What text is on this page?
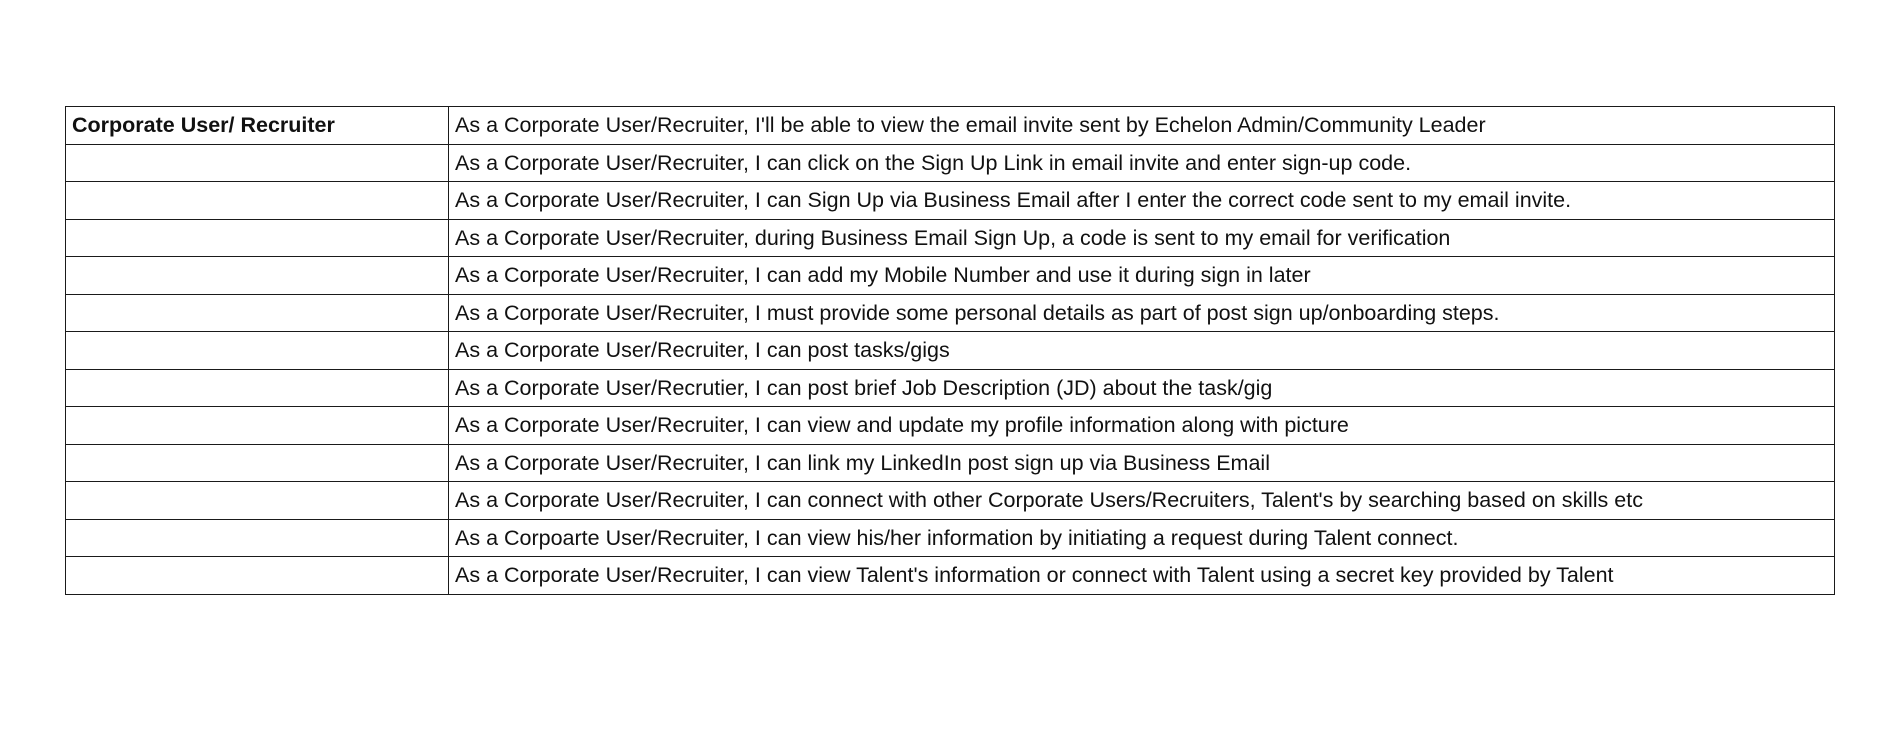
Corporate User/ Recruiter	As a Corporate User/Recruiter, I'll be able to view the email invite sent by Echelon Admin/Community Leader
	As a Corporate User/Recruiter, I can click on the Sign Up Link in email invite and enter sign-up code.
	As a Corporate User/Recruiter, I can Sign Up via Business Email after I enter the correct code sent to my email invite.
	As a Corporate User/Recruiter, during Business Email Sign Up, a code is sent to my email for verification
	As a Corporate User/Recruiter, I can add my Mobile Number and use it during sign in later
	As a Corporate User/Recruiter, I must provide some personal details as part of post sign up/onboarding steps.
	As a Corporate User/Recruiter, I can post tasks/gigs
	As a Corporate User/Recrutier, I can post brief Job Description (JD) about the task/gig
	As a Corporate User/Recruiter, I can view and update my profile information along with picture
	As a Corporate User/Recruiter, I can link my LinkedIn post sign up via Business Email
	As a Corporate User/Recruiter, I can connect with other Corporate Users/Recruiters, Talent's by searching based on skills etc
	As a Corpoarte User/Recruiter, I can view his/her information by initiating a request during Talent connect.
	As a Corporate User/Recruiter, I can view Talent's information or connect with Talent using a secret key provided by Talent
